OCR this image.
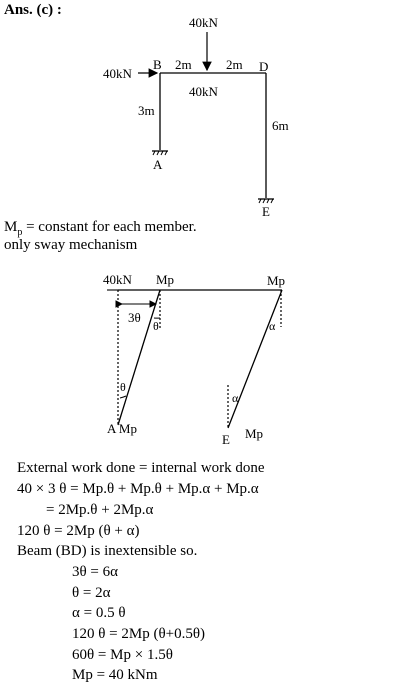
Ans. (c) :
40kN
40kN
B 2m	2m D
40kN
3m
6m
A
E
$M_p$ = constant for each member.
only sway mechanism
40kN Mp	Mp
3θ
θ
θ
α
α
A Mp
E Mp
External work done = internal work done
40 × 3 θ = Mp.θ + Mp.θ + Mp.α + Mp.α
= 2Mp.θ + 2Mp.α
120 θ = 2Mp (θ + α)
Beam (BD) is inextensible so.
3θ = 6α
θ = 2α
α = 0.5 θ
120 θ = 2Mp (θ+0.5θ)
60θ = Mp × 1.5θ
Mp = 40 kNm
